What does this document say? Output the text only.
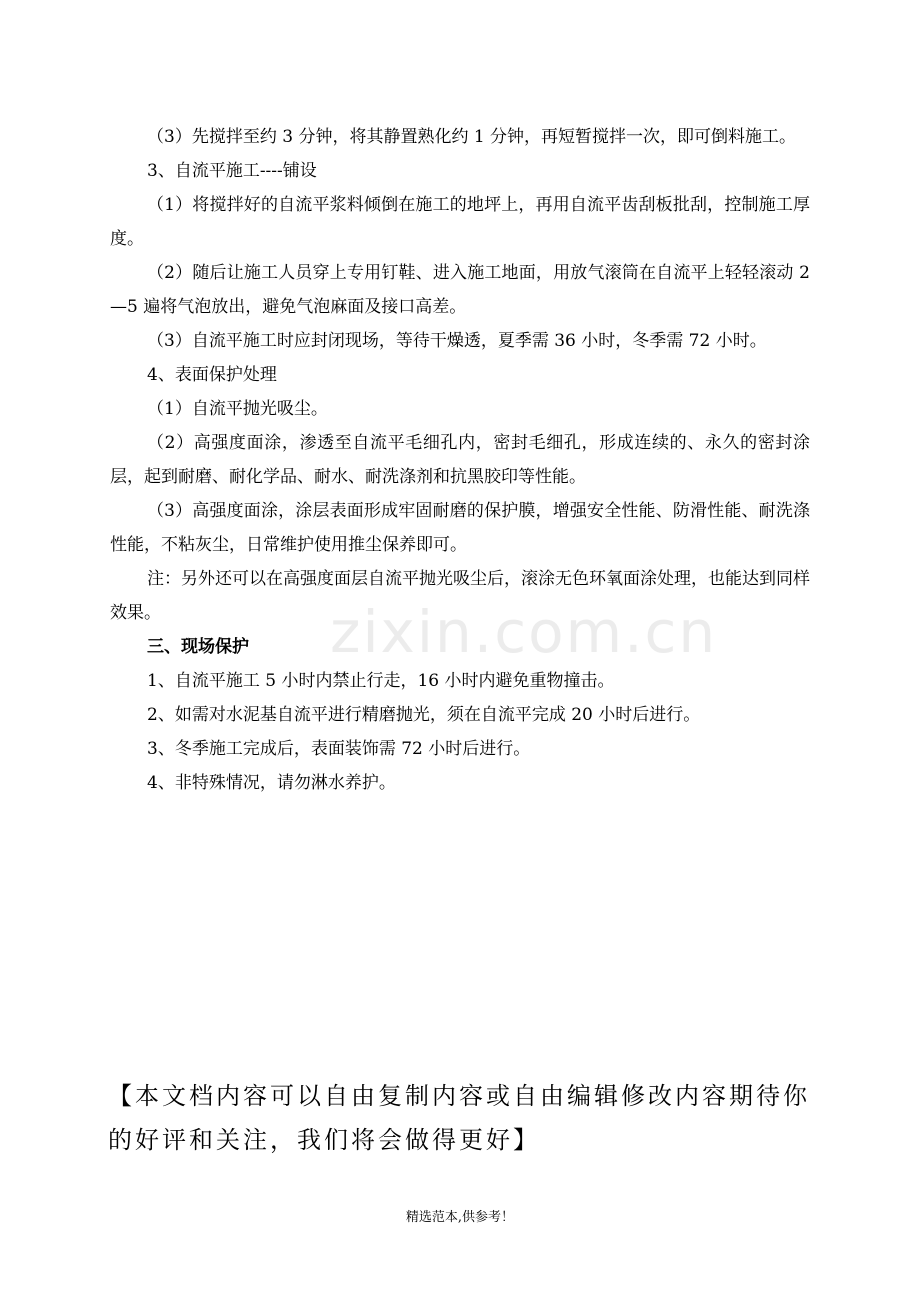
（3）先搅拌至约 3 分钟，将其静置熟化约 1 分钟，再短暂搅拌一次，即可倒料施工。

3、自流平施工----铺设

（1）将搅拌好的自流平浆料倾倒在施工的地坪上，再用自流平齿刮板批刮，控制施工厚度。

（2）随后让施工人员穿上专用钉鞋、进入施工地面，用放气滚筒在自流平上轻轻滚动 2—5 遍将气泡放出，避免气泡麻面及接口高差。

（3）自流平施工时应封闭现场，等待干燥透，夏季需 36 小时，冬季需 72 小时。

4、表面保护处理

（1）自流平抛光吸尘。

（2）高强度面涂，渗透至自流平毛细孔内，密封毛细孔，形成连续的、永久的密封涂层，起到耐磨、耐化学品、耐水、耐洗涤剂和抗黑胶印等性能。

（3）高强度面涂，涂层表面形成牢固耐磨的保护膜，增强安全性能、防滑性能、耐洗涤性能，不粘灰尘，日常维护使用推尘保养即可。

注：另外还可以在高强度面层自流平抛光吸尘后，滚涂无色环氧面涂处理，也能达到同样效果。

三、现场保护

1、自流平施工 5 小时内禁止行走，16 小时内避免重物撞击。

2、如需对水泥基自流平进行精磨抛光，须在自流平完成 20 小时后进行。

3、冬季施工完成后，表面装饰需 72 小时后进行。

4、非特殊情况，请勿淋水养护。

zixin.com.cn

【本文档内容可以自由复制内容或自由编辑修改内容期待你的好评和关注，我们将会做得更好】

精选范本,供参考！
